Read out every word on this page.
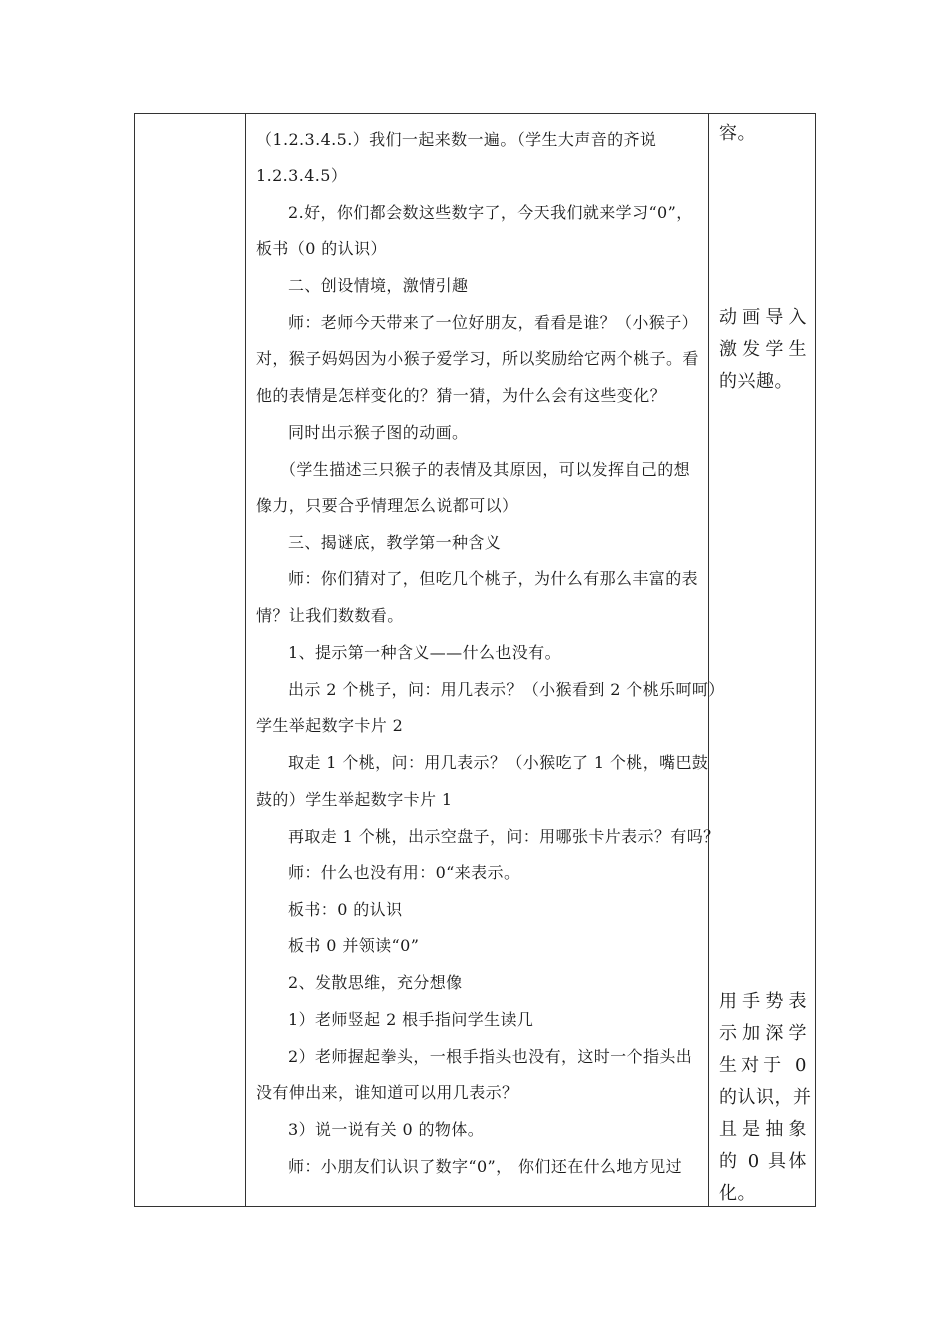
（1.2.3.4.5.）我们一起来数一遍。（学生大声音的齐说
1.2.3.4.5）
2.好，你们都会数这些数字了，今天我们就来学习“0”，
板书（0 的认识）
二、创设情境，激情引趣
师：老师今天带来了一位好朋友，看看是谁？（小猴子）
对，猴子妈妈因为小猴子爱学习，所以奖励给它两个桃子。看
他的表情是怎样变化的？猜一猜，为什么会有这些变化？
同时出示猴子图的动画。
（学生描述三只猴子的表情及其原因，可以发挥自己的想
像力，只要合乎情理怎么说都可以）
三、揭谜底，教学第一种含义
师：你们猜对了，但吃几个桃子，为什么有那么丰富的表
情？让我们数数看。
1、提示第一种含义——什么也没有。
出示 2 个桃子，问：用几表示？（小猴看到 2 个桃乐呵呵）
学生举起数字卡片 2
取走 1 个桃，问：用几表示？（小猴吃了 1 个桃，嘴巴鼓
鼓的）学生举起数字卡片 1
再取走 1 个桃，出示空盘子，问：用哪张卡片表示？有吗？
师：什么也没有用：0“来表示。
板书：0 的认识
板书 0 并领读“0”
2、发散思维，充分想像
1）老师竖起 2 根手指问学生读几
2）老师握起拳头，一根手指头也没有，这时一个指头出
没有伸出来，谁知道可以用几表示？
3）说一说有关 0 的物体。
师：小朋友们认识了数字“0”， 你们还在什么地方见过
容。
动画导入
激发学生
的兴趣。
用手势表
示加深学
生对于 0
的认识，并
且是抽象
的 0 具体
化。
